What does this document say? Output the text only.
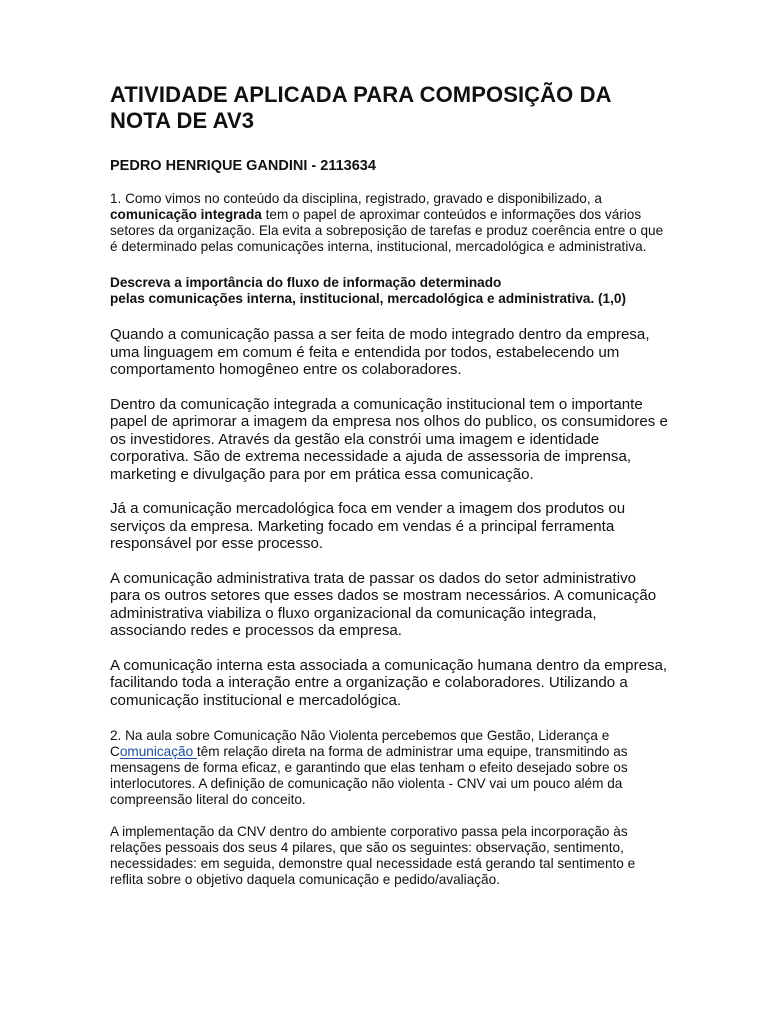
ATIVIDADE APLICADA PARA COMPOSIÇÃO DA NOTA DE AV3

PEDRO HENRIQUE GANDINI - 2113634

1. Como vimos no conteúdo da disciplina, registrado, gravado e disponibilizado, a comunicação integrada tem o papel de aproximar conteúdos e informações dos vários setores da organização. Ela evita a sobreposição de tarefas e produz coerência entre o que é determinado pelas comunicações interna, institucional, mercadológica e administrativa.

Descreva a importância do fluxo de informação determinado
pelas comunicações interna, institucional, mercadológica e administrativa. (1,0)

Quando a comunicação passa a ser feita de modo integrado dentro da empresa, uma linguagem em comum é feita e entendida por todos, estabelecendo um comportamento homogêneo entre os colaboradores.

Dentro da comunicação integrada a comunicação institucional tem o importante papel de aprimorar a imagem da empresa nos olhos do publico, os consumidores e os investidores. Através da gestão ela constrói uma imagem e identidade corporativa. São de extrema necessidade a ajuda de assessoria de imprensa, marketing e divulgação para por em prática essa comunicação.

Já a comunicação mercadológica foca em vender a imagem dos produtos ou serviços da empresa. Marketing focado em vendas é a principal ferramenta responsável por esse processo.

A comunicação administrativa trata de passar os dados do setor administrativo para os outros setores que esses dados se mostram necessários. A comunicação administrativa viabiliza o fluxo organizacional da comunicação integrada, associando redes e processos da empresa.

A comunicação interna esta associada a comunicação humana dentro da empresa, facilitando toda a interação entre a organização e colaboradores. Utilizando a comunicação institucional e mercadológica.

2. Na aula sobre Comunicação Não Violenta percebemos que Gestão, Liderança e Comunicação têm relação direta na forma de administrar uma equipe, transmitindo as mensagens de forma eficaz, e garantindo que elas tenham o efeito desejado sobre os interlocutores. A definição de comunicação não violenta - CNV vai um pouco além da compreensão literal do conceito.

A implementação da CNV dentro do ambiente corporativo passa pela incorporação às relações pessoais dos seus 4 pilares, que são os seguintes: observação, sentimento, necessidades: em seguida, demonstre qual necessidade está gerando tal sentimento e reflita sobre o objetivo daquela comunicação e pedido/avaliação.
